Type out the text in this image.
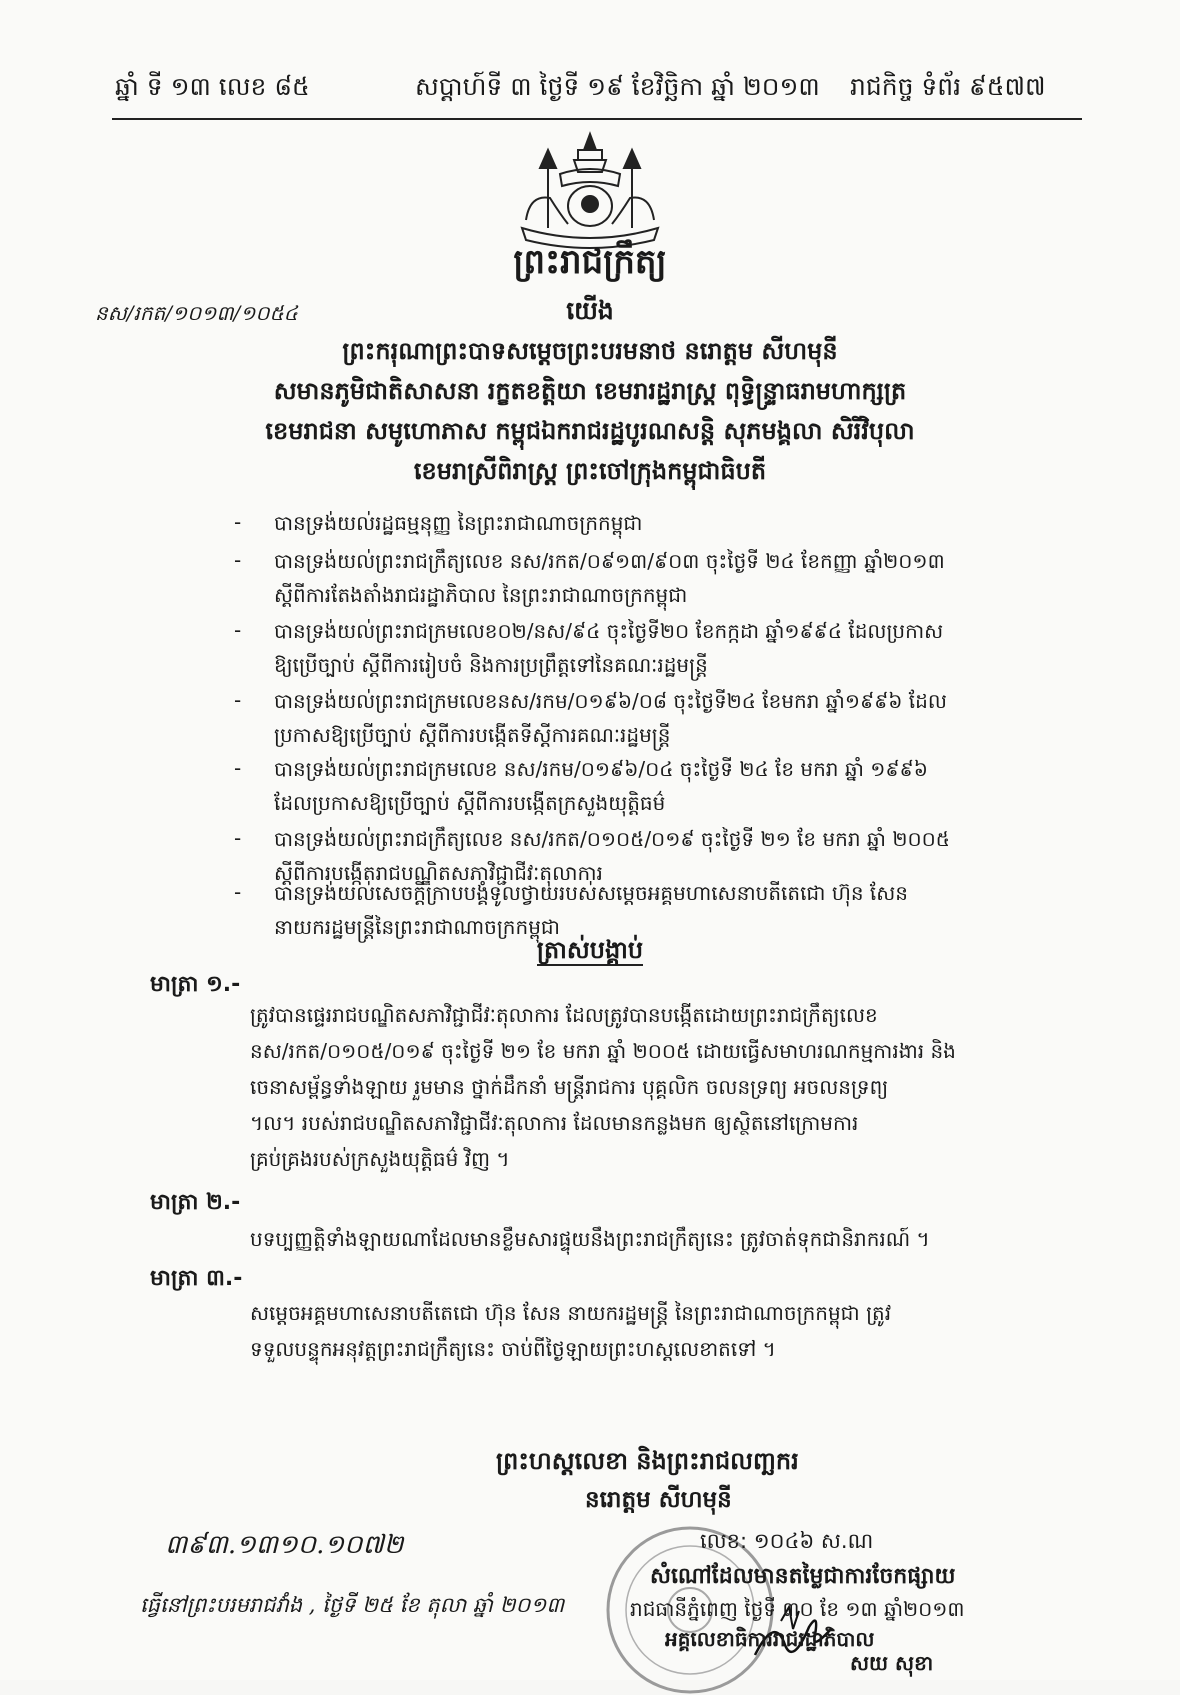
ឆ្នាំ ទី ១៣ លេខ ៨៥	សប្តាហ៍ទី ៣ ថ្ងៃទី ១៩ ខែវិច្ឆិកា ឆ្នាំ ២០១៣ រាជកិច្ច ទំព័រ ៩៥៧៧
ព្រះរាជក្រឹត្យ
នស/រកត/១០១៣/១០៥៤	យើង
ព្រះករុណាព្រះបាទសម្តេចព្រះបរមនាថ នរោត្តម សីហមុនី
សមានភូមិជាតិសាសនា រក្ខតខត្តិយា ខេមរារដ្ឋរាស្ត្រ ពុទ្ធិន្ទ្រាធរាមហាក្សត្រ
ខេមរាជនា សមូហោភាស កម្ពុជឯករាជរដ្ឋបូរណសន្តិ សុភមង្គលា សិរីវិបុលា
ខេមរាស្រីពិរាស្ត្រ ព្រះចៅក្រុងកម្ពុជាធិបតី
- បានទ្រង់យល់រដ្ឋធម្មនុញ្ញ នៃព្រះរាជាណាចក្រកម្ពុជា
- បានទ្រង់យល់ព្រះរាជក្រឹត្យលេខ នស/រកត/០៩១៣/៩០៣ ចុះថ្ងៃទី ២៤ ខែកញ្ញា ឆ្នាំ២០១៣
ស្តីពីការតែងតាំងរាជរដ្ឋាភិបាល នៃព្រះរាជាណាចក្រកម្ពុជា
- បានទ្រង់យល់ព្រះរាជក្រមលេខ០២/នស/៩៤ ចុះថ្ងៃទី២០ ខែកក្កដា ឆ្នាំ១៩៩៤ ដែលប្រកាស
ឱ្យប្រើច្បាប់ ស្តីពីការរៀបចំ និងការប្រព្រឹត្តទៅនៃគណៈរដ្ឋមន្ត្រី
- បានទ្រង់យល់ព្រះរាជក្រមលេខនស/រកម/០១៩៦/០៨ ចុះថ្ងៃទី២៤ ខែមករា ឆ្នាំ១៩៩៦ ដែល
ប្រកាសឱ្យប្រើច្បាប់ ស្តីពីការបង្កើតទីស្តីការគណៈរដ្ឋមន្ត្រី
- បានទ្រង់យល់ព្រះរាជក្រមលេខ នស/រកម/០១៩៦/០៤ ចុះថ្ងៃទី ២៤ ខែ មករា ឆ្នាំ ១៩៩៦
ដែលប្រកាសឱ្យប្រើច្បាប់ ស្តីពីការបង្កើតក្រសួងយុត្តិធម៌
- បានទ្រង់យល់ព្រះរាជក្រឹត្យលេខ នស/រកត/០១០៥/០១៩ ចុះថ្ងៃទី ២១ ខែ មករា ឆ្នាំ ២០០៥
ស្តីពីការបង្កើតរាជបណ្ឌិតសភាវិជ្ជាជីវៈតុលាការ
- បានទ្រង់យល់សេចក្តីក្រាបបង្គំទូលថ្វាយរបស់សម្តេចអគ្គមហាសេនាបតីតេជោ ហ៊ុន សែន
នាយករដ្ឋមន្ត្រីនៃព្រះរាជាណាចក្រកម្ពុជា
ត្រាស់បង្គាប់
មាត្រា ១.-
ត្រូវបានផ្ទេររាជបណ្ឌិតសភាវិជ្ជាជីវៈតុលាការ ដែលត្រូវបានបង្កើតដោយព្រះរាជក្រឹត្យលេខ
នស/រកត/០១០៥/០១៩ ចុះថ្ងៃទី ២១ ខែ មករា ឆ្នាំ ២០០៥ ដោយធ្វើសមាហរណកម្មការងារ និង
ចេនាសម្ព័ន្ធទាំងឡាយ រួមមាន ថ្នាក់ដឹកនាំ មន្ត្រីរាជការ បុគ្គលិក ចលនទ្រព្យ អចលនទ្រព្យ
។ល។ របស់រាជបណ្ឌិតសភាវិជ្ជាជីវៈតុលាការ ដែលមានកន្លងមក ឲ្យស្ថិតនៅក្រោមការ
គ្រប់គ្រងរបស់ក្រសួងយុត្តិធម៌ វិញ ។
មាត្រា ២.-
បទប្បញ្ញត្តិទាំងឡាយណាដែលមានខ្លឹមសារផ្ទុយនឹងព្រះរាជក្រឹត្យនេះ ត្រូវចាត់ទុកជានិរាករណ៍ ។
មាត្រា ៣.-
សម្តេចអគ្គមហាសេនាបតីតេជោ ហ៊ុន សែន នាយករដ្ឋមន្ត្រី នៃព្រះរាជាណាចក្រកម្ពុជា ត្រូវ
ទទួលបន្ទុកអនុវត្តព្រះរាជក្រឹត្យនេះ ចាប់ពីថ្ងៃឡាយព្រះហស្តលេខាតទៅ ។
ព្រះហស្តលេខា និងព្រះរាជលញ្ឆករ
នរោត្តម សីហមុនី
៣៩៣.១៣១០.១០៧២	លេខ: ១០៤៦ ស.ណ
សំណៅដែលមានតម្លៃជាការចែកផ្សាយ
រាជធានីភ្នំពេញ ថ្ងៃទី ៣០ ខែ ១៣ ឆ្នាំ២០១៣
អគ្គលេខាធិការរាជរដ្ឋាភិបាល
សយ សុខា
ធ្វើនៅព្រះបរមរាជវាំង , ថ្ងៃទី ២៥ ខែ តុលា ឆ្នាំ ២០១៣
